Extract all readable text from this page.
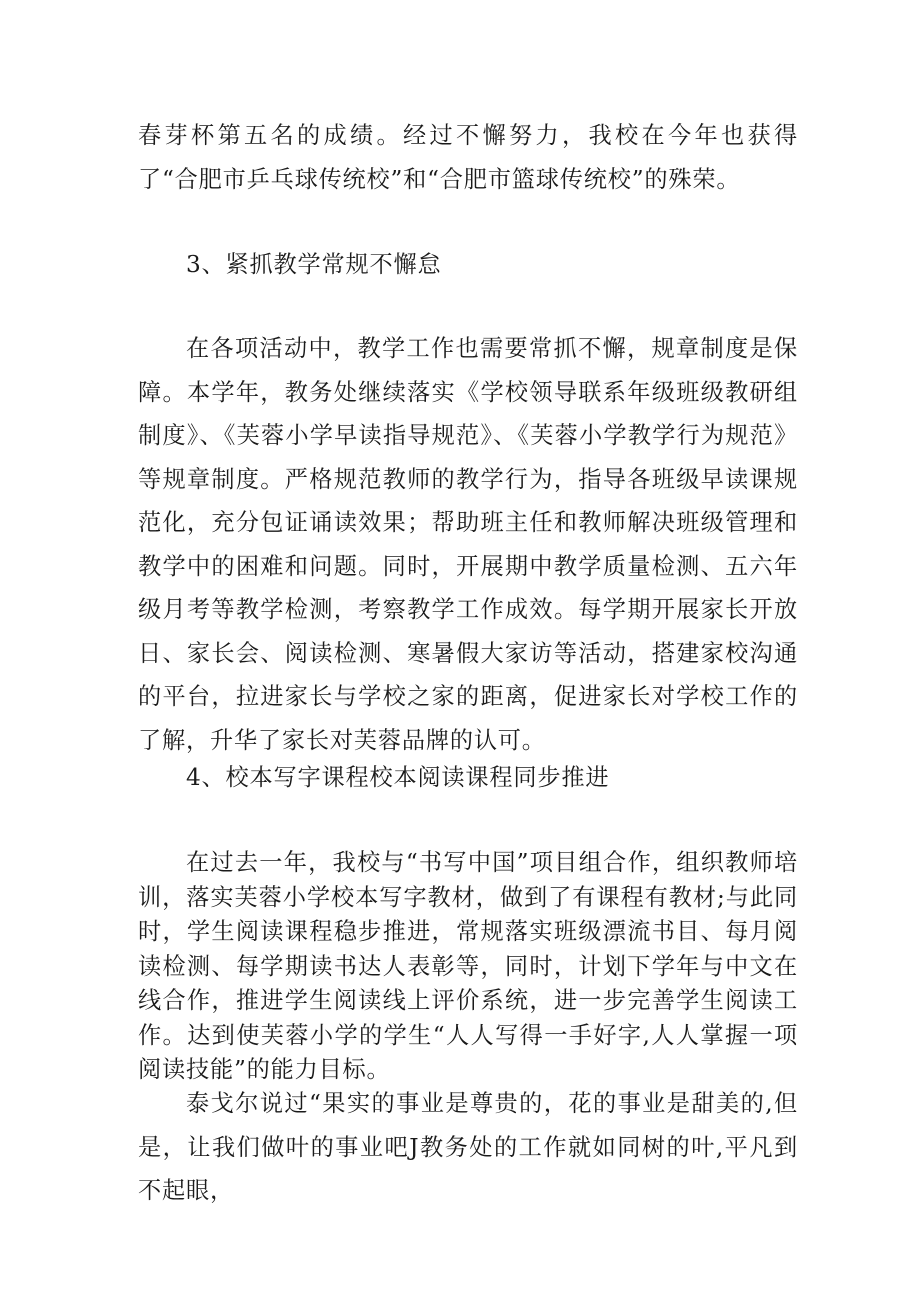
春芽杯第五名的成绩。经过不懈努力，我校在今年也获得了“合肥市乒乓球传统校”和“合肥市篮球传统校”的殊荣。

3、紧抓教学常规不懈怠

在各项活动中，教学工作也需要常抓不懈，规章制度是保障。本学年，教务处继续落实《学校领导联系年级班级教研组制度》、《芙蓉小学早读指导规范》、《芙蓉小学教学行为规范》等规章制度。严格规范教师的教学行为，指导各班级早读课规范化，充分包证诵读效果；帮助班主任和教师解决班级管理和教学中的困难和问题。同时，开展期中教学质量检测、五六年级月考等教学检测，考察教学工作成效。每学期开展家长开放日、家长会、阅读检测、寒暑假大家访等活动，搭建家校沟通的平台，拉进家长与学校之家的距离，促进家长对学校工作的了解，升华了家长对芙蓉品牌的认可。

4、校本写字课程校本阅读课程同步推进

在过去一年，我校与“书写中国”项目组合作，组织教师培训，落实芙蓉小学校本写字教材，做到了有课程有教材;与此同时，学生阅读课程稳步推进，常规落实班级漂流书目、每月阅读检测、每学期读书达人表彰等，同时，计划下学年与中文在线合作，推进学生阅读线上评价系统，进一步完善学生阅读工作。达到使芙蓉小学的学生“人人写得一手好字,人人掌握一项阅读技能”的能力目标。

泰戈尔说过“果实的事业是尊贵的，花的事业是甜美的,但是，让我们做叶的事业吧J教务处的工作就如同树的叶,平凡到不起眼，
